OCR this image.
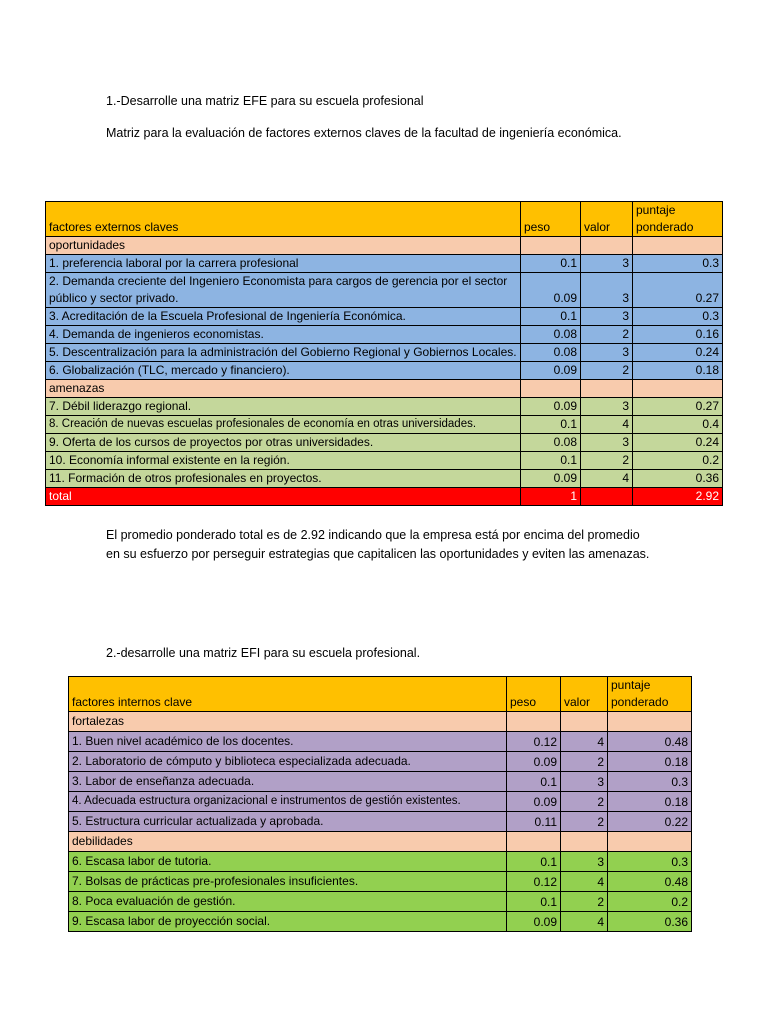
1.-Desarrolle una matriz EFE para su escuela profesional
Matriz para la evaluación de factores externos claves de la facultad de ingeniería económica.
factores externos claves	peso	valor	puntaje ponderado
oportunidades			
1. preferencia laboral por la carrera profesional	0.1	3	0.3
2. Demanda creciente del Ingeniero Economista para cargos de gerencia por el sector público y sector privado.	0.09	3	0.27
3. Acreditación de la Escuela Profesional de Ingeniería Económica.	0.1	3	0.3
4. Demanda de ingenieros economistas.	0.08	2	0.16
5. Descentralización para la administración del Gobierno Regional y Gobiernos Locales.	0.08	3	0.24
6. Globalización (TLC, mercado y financiero).	0.09	2	0.18
amenazas			
7. Débil liderazgo regional.	0.09	3	0.27
8. Creación de nuevas escuelas profesionales de economía en otras universidades.	0.1	4	0.4
9. Oferta de los cursos de proyectos por otras universidades.	0.08	3	0.24
10. Economía informal existente en la región.	0.1	2	0.2
11. Formación de otros profesionales en proyectos.	0.09	4	0.36
total	1		2.92
El promedio ponderado total es de 2.92 indicando que la empresa está por encima del promedio
en su esfuerzo por perseguir estrategias que capitalicen las oportunidades y eviten las amenazas.
2.-desarrolle una matriz EFI para su escuela profesional.
factores internos clave	peso	valor	puntaje ponderado
fortalezas			
1. Buen nivel académico de los docentes.	0.12	4	0.48
2. Laboratorio de cómputo y biblioteca especializada adecuada.	0.09	2	0.18
3. Labor de enseñanza adecuada.	0.1	3	0.3
4. Adecuada estructura organizacional e instrumentos de gestión existentes.	0.09	2	0.18
5. Estructura curricular actualizada y aprobada.	0.11	2	0.22
debilidades			
6. Escasa labor de tutoria.	0.1	3	0.3
7. Bolsas de prácticas pre-profesionales insuficientes.	0.12	4	0.48
8. Poca evaluación de gestión.	0.1	2	0.2
9. Escasa labor de proyección social.	0.09	4	0.36
